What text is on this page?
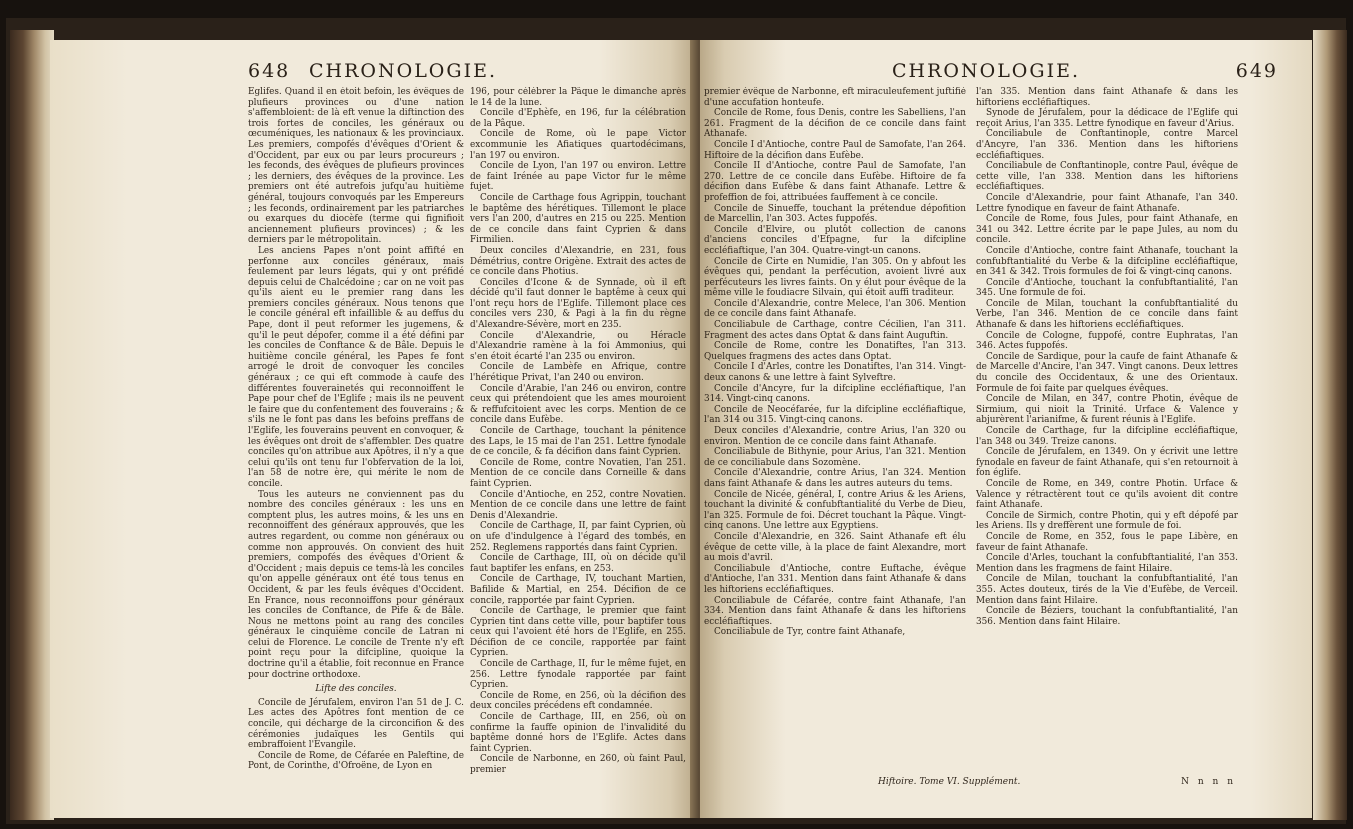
648 CHRONOLOGIE.

Eglifes. Quand il en étoit befoin, les évêques de plufieurs provinces ou d'une nation s'affembloient: de là eft venue la diftinction des trois fortes de conciles, les généraux ou œcuméniques, les nationaux & les provinciaux. Les premiers, compofés d'évêques d'Orient & d'Occident, par eux ou par leurs procureurs ; les feconds, des évêques de plufieurs provinces ; les derniers, des évêques de la province. Les premiers ont été autrefois jufqu'au huitième général, toujours convoqués par les Empereurs ; les feconds, ordinairement par les patriarches ou exarques du diocèfe (terme qui fignifioit anciennement plufieurs provinces) ; & les derniers par le métropolitain.

Les anciens Papes n'ont point affifté en perfonne aux conciles généraux, mais feulement par leurs légats, qui y ont préfidé depuis celui de Chalcédoine ; car on ne voit pas qu'ils aient eu le premier rang dans les premiers conciles généraux. Nous tenons que le concile général eft infaillible & au deffus du Pape, dont il peut reformer les jugemens, & qu'il le peut dépofer, comme il a été défini par les conciles de Conftance & de Bâle. Depuis le huitième concile général, les Papes fe font arrogé le droit de convoquer les conciles généraux ; ce qui eft commode à caufe des différentes fouverainetés qui reconnoiffent le Pape pour chef de l'Eglife ; mais ils ne peuvent le faire que du confentement des fouverains ; & s'ils ne le font pas dans les befoins preffans de l'Eglife, les fouverains peuvent en convoquer, & les évêques ont droit de s'affembler. Des quatre conciles qu'on attribue aux Apôtres, il n'y a que celui qu'ils ont tenu fur l'obfervation de la loi, l'an 58 de notre ère, qui mérite le nom de concile.

Tous les auteurs ne conviennent pas du nombre des conciles généraux : les uns en comptent plus, les autres moins, & les uns en reconnoiffent des généraux approuvés, que les autres regardent, ou comme non généraux ou comme non approuvés. On convient des huit premiers, compofés des évêques d'Orient & d'Occident ; mais depuis ce tems-là les conciles qu'on appelle généraux ont été tous tenus en Occident, & par les feuls évêques d'Occident. En France, nous reconnoiffons pour généraux les conciles de Conftance, de Pife & de Bâle. Nous ne mettons point au rang des conciles généraux le cinquième concile de Latran ni celui de Florence. Le concile de Trente n'y eft point reçu pour la difcipline, quoique la doctrine qu'il a établie, foit reconnue en France pour doctrine orthodoxe.

Lifte des conciles.

Concile de Jérufalem, environ l'an 51 de J. C. Les actes des Apôtres font mention de ce concile, qui décharge de la circoncifion & des cérémonies judaïques les Gentils qui embraffoient l'Evangile.

Concile de Rome, de Céfarée en Paleftine, de Pont, de Corinthe, d'Ofroëne, de Lyon en

196, pour célébrer la Pâque le dimanche après le 14 de la lune.

Concile d'Ephèfe, en 196, fur la célébration de la Pâque.

Concile de Rome, où le pape Victor excommunie les Afiatiques quartodécimans, l'an 197 ou environ.

Concile de Lyon, l'an 197 ou environ. Lettre de faint Irénée au pape Victor fur le même fujet.

Concile de Carthage fous Agrippin, touchant le baptême des hérétiques. Tillemont le place vers l'an 200, d'autres en 215 ou 225. Mention de ce concile dans faint Cyprien & dans Firmilien.

Deux conciles d'Alexandrie, en 231, fous Démétrius, contre Origène. Extrait des actes de ce concile dans Photius.

Conciles d'Icone & de Synnade, où il eft décidé qu'il faut donner le baptême à ceux qui l'ont reçu hors de l'Eglife. Tillemont place ces conciles vers 230, & Pagi à la fin du règne d'Alexandre-Sévère, mort en 235.

Concile d'Alexandrie, ou Héracle d'Alexandrie ramène à la foi Ammonius, qui s'en étoit écarté l'an 235 ou environ.

Concile de Lambèfe en Afrique, contre l'hérétique Privat, l'an 240 ou environ.

Concile d'Arabie, l'an 246 ou environ, contre ceux qui prétendoient que les ames mouroient & reffufcitoient avec les corps. Mention de ce concile dans Eufèbe.

Concile de Carthage, touchant la pénitence des Laps, le 15 mai de l'an 251. Lettre fynodale de ce concile, & fa décifion dans faint Cyprien.

Concile de Rome, contre Novatien, l'an 251. Mention de ce concile dans Corneille & dans faint Cyprien.

Concile d'Antioche, en 252, contre Novatien. Mention de ce concile dans une lettre de faint Denis d'Alexandrie.

Concile de Carthage, II, par faint Cyprien, où on ufe d'indulgence à l'égard des tombés, en 252. Reglemens rapportés dans faint Cyprien.

Concile de Carthage, III, où on décide qu'il faut baptifer les enfans, en 253.

Concile de Carthage, IV, touchant Martien, Bafilide & Martial, en 254. Décifion de ce concile, rapportée par faint Cyprien.

Concile de Carthage, le premier que faint Cyprien tint dans cette ville, pour baptifer tous ceux qui l'avoient été hors de l'Eglife, en 255. Décifion de ce concile, rapportée par faint Cyprien.

Concile de Carthage, II, fur le même fujet, en 256. Lettre fynodale rapportée par faint Cyprien.

Concile de Rome, en 256, où la décifion des deux conciles précédens eft condamnée.

Concile de Carthage, III, en 256, où on confirme la fauffe opinion de l'invalidité du baptême donné hors de l'Eglife. Actes dans faint Cyprien.

Concile de Narbonne, en 260, où faint Paul, premier

CHRONOLOGIE.	649

premier évêque de Narbonne, eft miraculeufement juftifié d'une accufation honteufe.

Concile de Rome, fous Denis, contre les Sabelliens, l'an 261. Fragment de la décifion de ce concile dans faint Athanafe.

Concile I d'Antioche, contre Paul de Samofate, l'an 264. Hiftoire de la décifion dans Eufèbe.

Concile II d'Antioche, contre Paul de Samofate, l'an 270. Lettre de ce concile dans Eufèbe. Hiftoire de fa décifion dans Eufèbe & dans faint Athanafe. Lettre & profeffion de foi, attribuées fauffement à ce concile.

Concile de Sinueffe, touchant la prétendue dépofition de Marcellin, l'an 303. Actes fuppofés.

Concile d'Elvire, ou plutôt collection de canons d'anciens conciles d'Efpagne, fur la difcipline eccléfiaftique, l'an 304. Quatre-vingt-un canons.

Concile de Cirte en Numidie, l'an 305. On y abfout les évêques qui, pendant la perfécution, avoient livré aux perfécuteurs les livres faints. On y élut pour évêque de la même ville le foudiacre Silvain, qui étoit auffi traditeur.

Concile d'Alexandrie, contre Melece, l'an 306. Mention de ce concile dans faint Athanafe.

Conciliabule de Carthage, contre Cécilien, l'an 311. Fragment des actes dans Optat & dans faint Auguftin.

Concile de Rome, contre les Donatiftes, l'an 313. Quelques fragmens des actes dans Optat.

Concile I d'Arles, contre les Donatiftes, l'an 314. Vingt-deux canons & une lettre à faint Sylveftre.

Concile d'Ancyre, fur la difcipline eccléfiaftique, l'an 314. Vingt-cinq canons.

Concile de Neocéfarée, fur la difcipline eccléfiaftique, l'an 314 ou 315. Vingt-cinq canons.

Deux conciles d'Alexandrie, contre Arius, l'an 320 ou environ. Mention de ce concile dans faint Athanafe.

Conciliabule de Bithynie, pour Arius, l'an 321. Mention de ce conciliabule dans Sozomène.

Concile d'Alexandrie, contre Arius, l'an 324. Mention dans faint Athanafe & dans les autres auteurs du tems.

Concile de Nicée, général, I, contre Arius & les Ariens, touchant la divinité & confubftantialité du Verbe de Dieu, l'an 325. Formule de foi. Décret touchant la Pâque. Vingt-cinq canons. Une lettre aux Egyptiens.

Concile d'Alexandrie, en 326. Saint Athanafe eft élu évêque de cette ville, à la place de faint Alexandre, mort au mois d'avril.

Conciliabule d'Antioche, contre Euftache, évêque d'Antioche, l'an 331. Mention dans faint Athanafe & dans les hiftoriens eccléfiaftiques.

Conciliabule de Céfarée, contre faint Athanafe, l'an 334. Mention dans faint Athanafe & dans les hiftoriens eccléfiaftiques.

Conciliabule de Tyr, contre faint Athanafe,

l'an 335. Mention dans faint Athanafe & dans les hiftoriens eccléfiaftiques.

Synode de Jérufalem, pour la dédicace de l'Eglife qui reçoit Arius, l'an 335. Lettre fynodique en faveur d'Arius.

Conciliabule de Conftantinople, contre Marcel d'Ancyre, l'an 336. Mention dans les hiftoriens eccléfiaftiques.

Conciliabule de Conftantinople, contre Paul, évêque de cette ville, l'an 338. Mention dans les hiftoriens eccléfiaftiques.

Concile d'Alexandrie, pour faint Athanafe, l'an 340. Lettre fynodique en faveur de faint Athanafe.

Concile de Rome, fous Jules, pour faint Athanafe, en 341 ou 342. Lettre écrite par le pape Jules, au nom du concile.

Concile d'Antioche, contre faint Athanafe, touchant la confubftantialité du Verbe & la difcipline eccléfiaftique, en 341 & 342. Trois formules de foi & vingt-cinq canons.

Concile d'Antioche, touchant la confubftantialité, l'an 345. Une formule de foi.

Concile de Milan, touchant la confubftantialité du Verbe, l'an 346. Mention de ce concile dans faint Athanafe & dans les hiftoriens eccléfiaftiques.

Concile de Cologne, fuppofé, contre Euphratas, l'an 346. Actes fuppofés.

Concile de Sardique, pour la caufe de faint Athanafe & de Marcelle d'Ancire, l'an 347. Vingt canons. Deux lettres du concile des Occidentaux, & une des Orientaux. Formule de foi faite par quelques évêques.

Concile de Milan, en 347, contre Photin, évêque de Sirmium, qui nioit la Trinité. Urface & Valence y abjurèrent l'arianifme, & furent réunis à l'Eglife.

Concile de Carthage, fur la difcipline eccléfiaftique, l'an 348 ou 349. Treize canons.

Concile de Jérufalem, en 1349. On y écrivit une lettre fynodale en faveur de faint Athanafe, qui s'en retournoit à fon églife.

Concile de Rome, en 349, contre Photin. Urface & Valence y rétractèrent tout ce qu'ils avoient dit contre faint Athanafe.

Concile de Sirmich, contre Photin, qui y eft dépofé par les Ariens. Ils y dreffèrent une formule de foi.

Concile de Rome, en 352, fous le pape Libère, en faveur de faint Athanafe.

Concile d'Arles, touchant la confubftantialité, l'an 353. Mention dans les fragmens de faint Hilaire.

Concile de Milan, touchant la confubftantialité, l'an 355. Actes douteux, tirés de la Vie d'Eufèbe, de Verceil. Mention dans faint Hilaire.

Concile de Béziers, touchant la confubftantialité, l'an 356. Mention dans faint Hilaire.

Hiftoire. Tome VI. Supplément.	N n n n
